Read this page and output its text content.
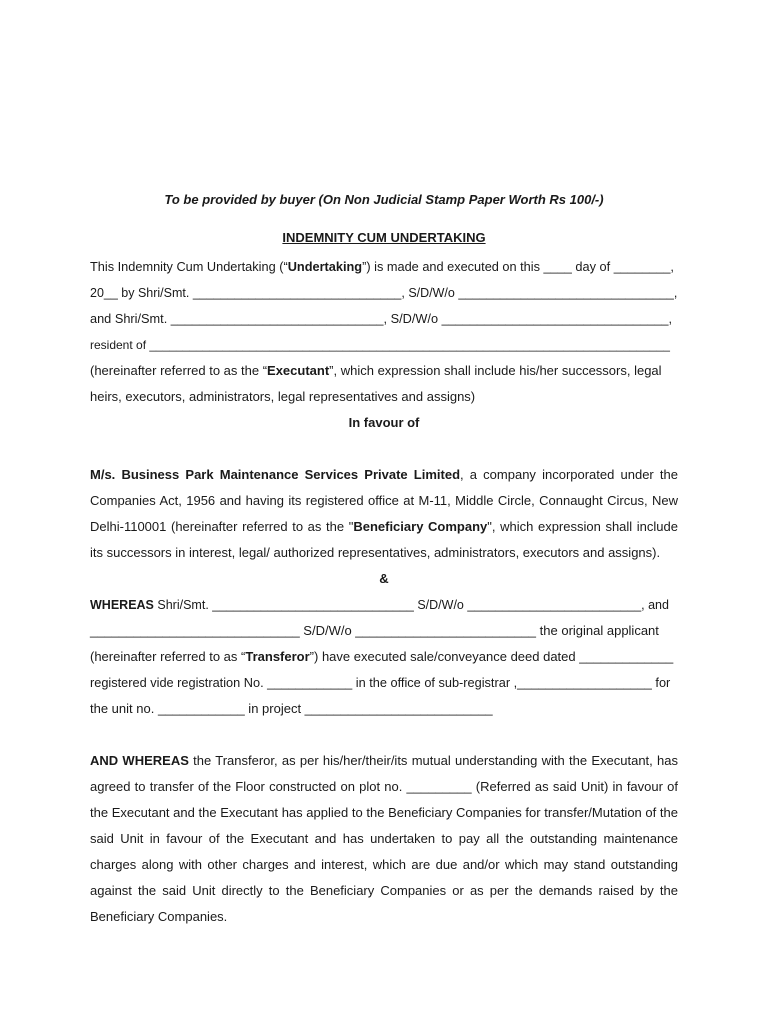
To be provided by buyer (On Non Judicial Stamp Paper Worth Rs 100/-)

INDEMNITY CUM UNDERTAKING

This Indemnity Cum Undertaking (“Undertaking”) is made and executed on this ____ day of ________,
20__ by Shri/Smt. ______________________________, S/D/W/o _______________________________,
and Shri/Smt. ______________________________, S/D/W/o ________________________________,
resident of ______________________________________________________________________________
(hereinafter referred to as the “Executant”, which expression shall include his/her successors, legal
heirs, executors, administrators, legal representatives and assigns)

In favour of

M/s. Business Park Maintenance Services Private Limited, a company incorporated under the Companies Act, 1956 and having its registered office at M-11, Middle Circle, Connaught Circus, New Delhi-110001 (hereinafter referred to as the "Beneficiary Company", which expression shall include its successors in interest, legal/ authorized representatives, administrators, executors and assigns).

&

WHEREAS Shri/Smt. _____________________________ S/D/W/o _________________________, and
_____________________________ S/D/W/o _________________________ the original applicant
(hereinafter referred to as “Transferor”) have executed sale/conveyance deed dated _____________
registered vide registration No. ____________ in the office of sub-registrar ,___________________ for
the unit no. ____________ in project __________________________

AND WHEREAS the Transferor, as per his/her/their/its mutual understanding with the Executant, has agreed to transfer of the Floor constructed on plot no. _________ (Referred as said Unit) in favour of the Executant and the Executant has applied to the Beneficiary Companies for transfer/Mutation of the said Unit in favour of the Executant and has undertaken to pay all the outstanding maintenance charges along with other charges and interest, which are due and/or which may stand outstanding against the said Unit directly to the Beneficiary Companies or as per the demands raised by the Beneficiary Companies.
